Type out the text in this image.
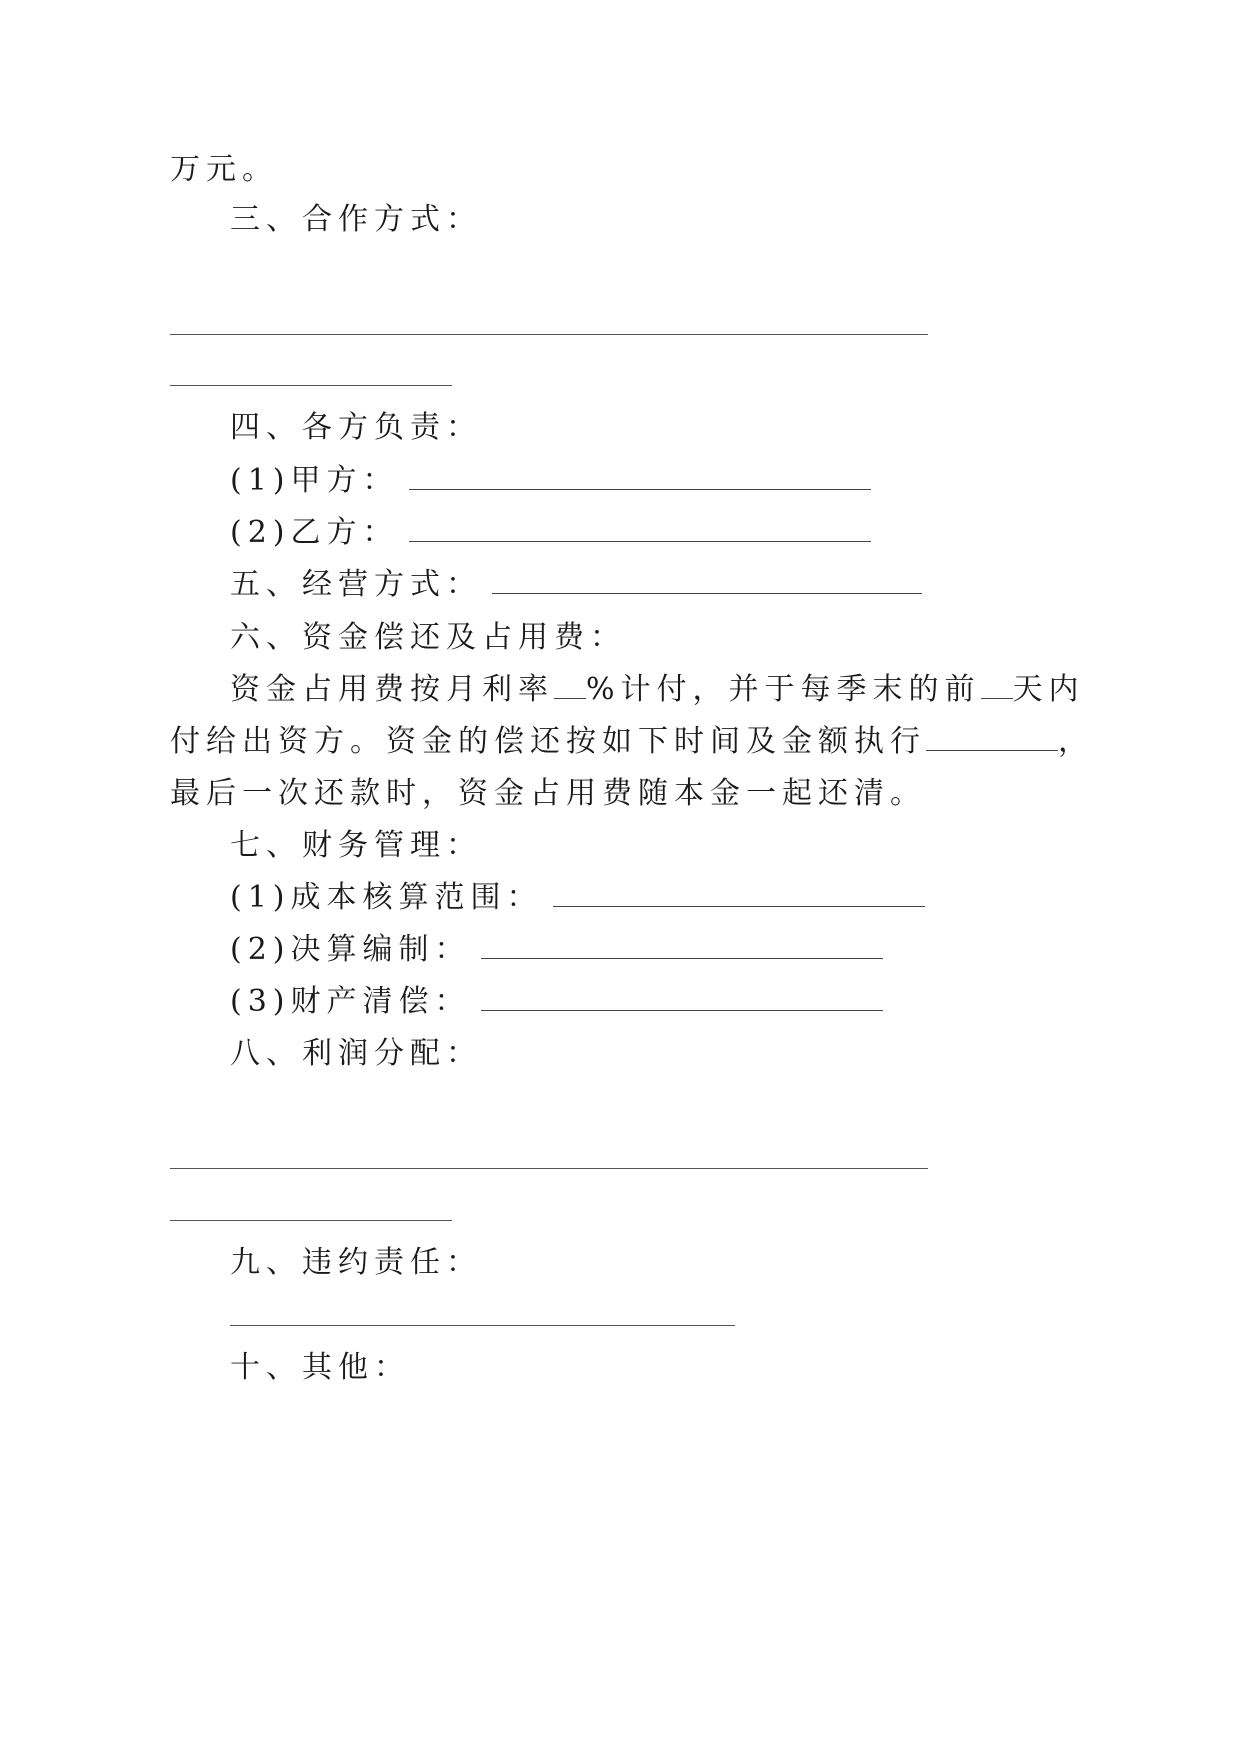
万元。
三、合作方式：
四、各方负责：
(1)甲方：
(2)乙方：
五、经营方式：
六、资金偿还及占用费：
资金占用费按月利率 %计付，并于每季末的前 天内
付给出资方。资金的偿还按如下时间及金额执行	，
最后一次还款时，资金占用费随本金一起还清。
七、财务管理：
(1)成本核算范围：
(2)决算编制：
(3)财产清偿：
八、利润分配：
九、违约责任：
十、其他：
